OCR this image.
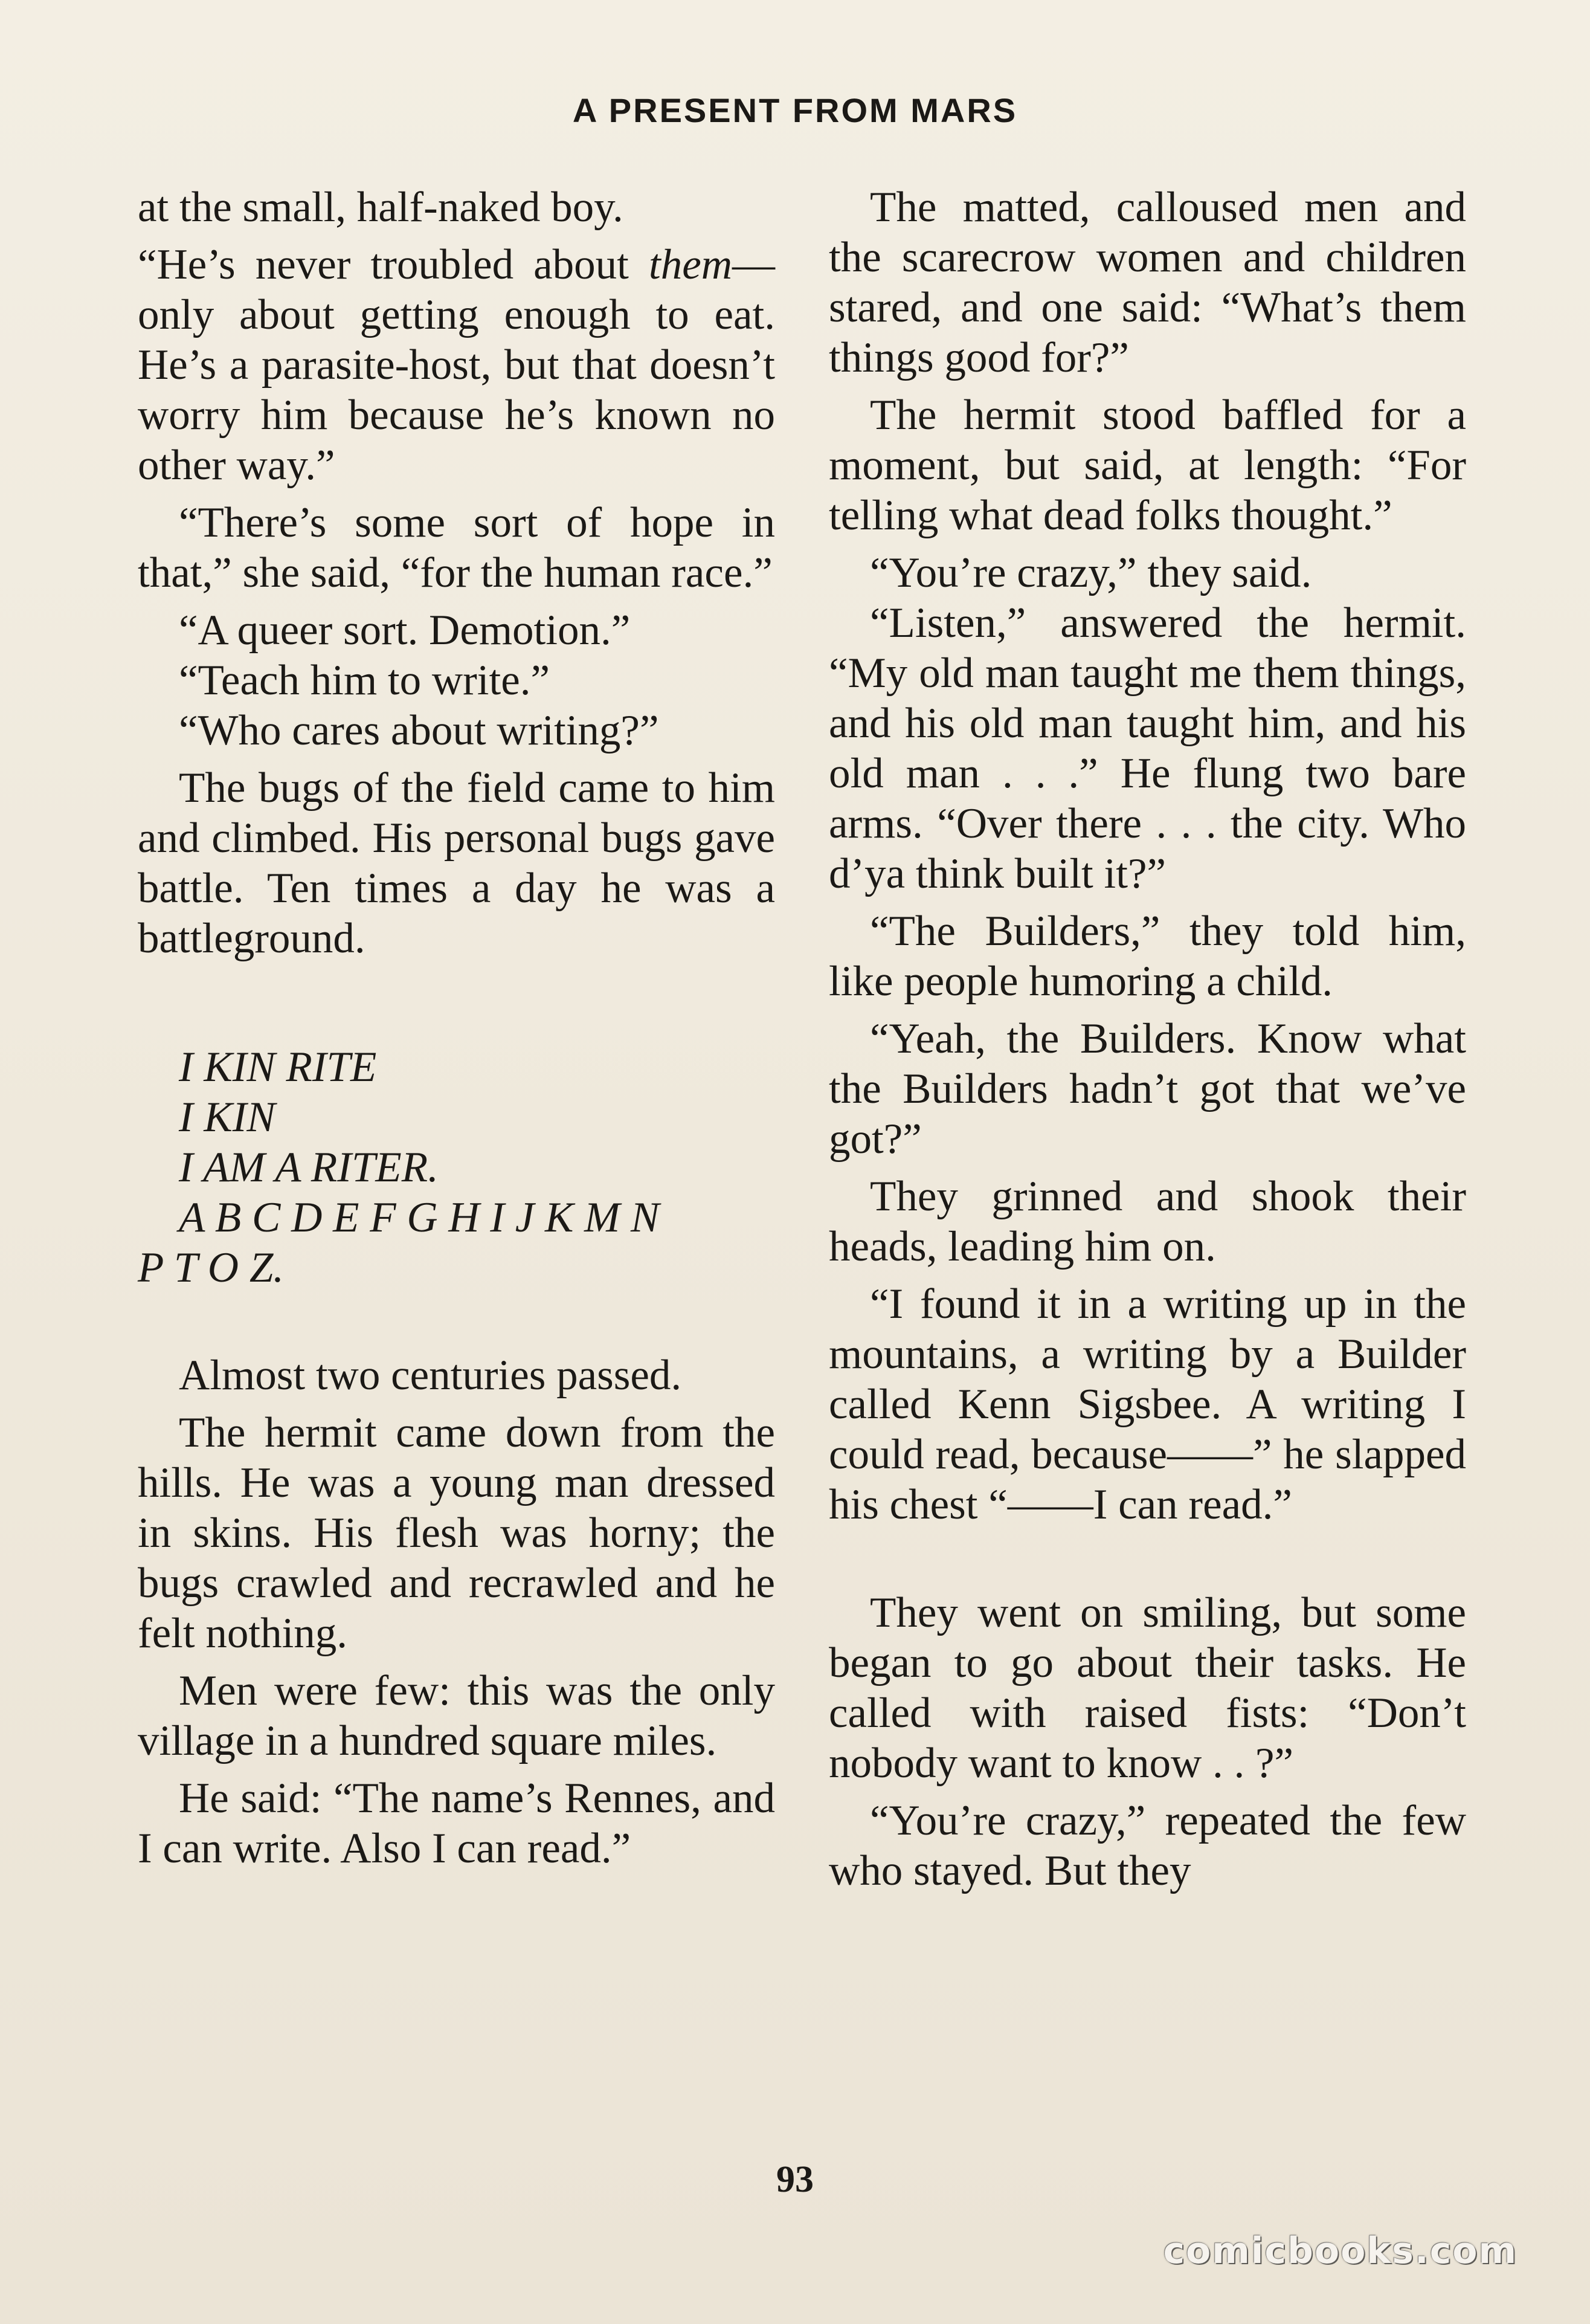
A PRESENT FROM MARS

at the small, half-naked boy.

“He’s never troubled about them—only about getting enough to eat. He’s a parasite-host, but that doesn’t worry him because he’s known no other way.”

“There’s some sort of hope in that,” she said, “for the human race.”

“A queer sort. Demotion.”

“Teach him to write.”

“Who cares about writing?”

The bugs of the field came to him and climbed. His personal bugs gave battle. Ten times a day he was a battleground.

I KIN RITE

I KIN

I AM A RITER.

A B C D E F G H I J K M N

P T O Z.

Almost two centuries passed.

The hermit came down from the hills. He was a young man dressed in skins. His flesh was horny; the bugs crawled and recrawled and he felt nothing.

Men were few: this was the only village in a hundred square miles.

He said: “The name’s Rennes, and I can write. Also I can read.”

The matted, calloused men and the scarecrow women and children stared, and one said: “What’s them things good for?”

The hermit stood baffled for a moment, but said, at length: “For telling what dead folks thought.”

“You’re crazy,” they said.

“Listen,” answered the hermit. “My old man taught me them things, and his old man taught him, and his old man . . .” He flung two bare arms. “Over there . . . the city. Who d’ya think built it?”

“The Builders,” they told him, like people humoring a child.

“Yeah, the Builders. Know what the Builders hadn’t got that we’ve got?”

They grinned and shook their heads, leading him on.

“I found it in a writing up in the mountains, a writing by a Builder called Kenn Sigsbee. A writing I could read, because——” he slapped his chest “——I can read.”

They went on smiling, but some began to go about their tasks. He called with raised fists: “Don’t nobody want to know . . ?”

“You’re crazy,” repeated the few who stayed. But they

93
comicbooks.com
